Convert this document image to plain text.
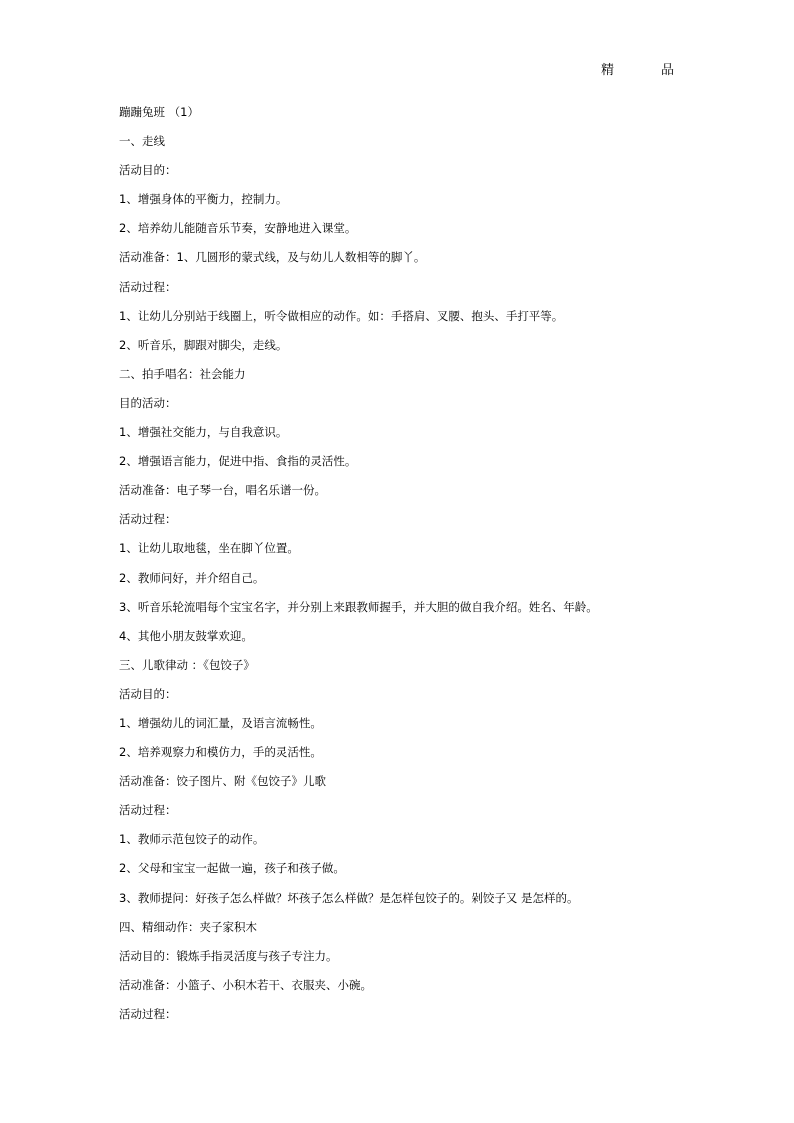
精	品
蹦蹦兔班 （1）
一、走线
活动目的：
1、增强身体的平衡力，控制力。
2、培养幼儿能随音乐节奏，安静地进入课堂。
活动准备：1、几圆形的蒙式线，及与幼儿人数相等的脚丫。
活动过程：
1、让幼儿分别站于线圈上，听令做相应的动作。如：手搭肩、叉腰、抱头、手打平等。
2、听音乐，脚跟对脚尖，走线。
二、拍手唱名：社会能力
目的活动：
1、增强社交能力，与自我意识。
2、增强语言能力，促进中指、食指的灵活性。
活动准备：电子琴一台，唱名乐谱一份。
活动过程：
1、让幼儿取地毯，坐在脚丫位置。
2、教师问好，并介绍自己。
3、听音乐轮流唱每个宝宝名字，并分别上来跟教师握手，并大胆的做自我介绍。姓名、年龄。
4、其他小朋友鼓掌欢迎。
三、儿歌律动 ：《包饺子》
活动目的：
1、增强幼儿的词汇量，及语言流畅性。
2、培养观察力和模仿力，手的灵活性。
活动准备：饺子图片、附《包饺子》儿歌
活动过程：
1、教师示范包饺子的动作。
2、父母和宝宝一起做一遍，孩子和孩子做。
3、教师提问：好孩子怎么样做？坏孩子怎么样做？是怎样包饺子的。剁饺子又 是怎样的。
四、精细动作：夹子家积木
活动目的：锻炼手指灵活度与孩子专注力。
活动准备：小篮子、小积木若干、衣服夹、小碗。
活动过程：
